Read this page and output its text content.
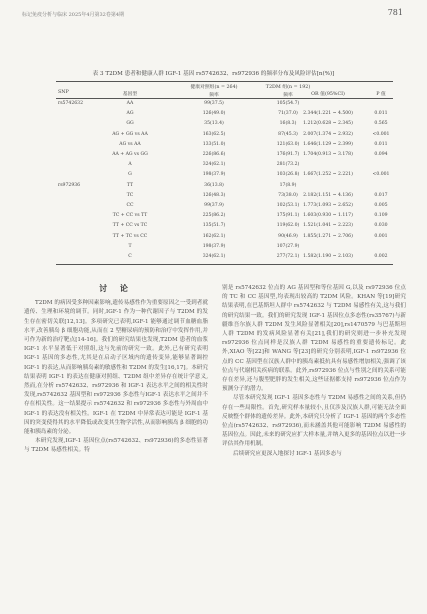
标记免疫分析与临床 2025年4月第32卷第4期	781
表 3 T2DM 患者和健康人群 IGF-1 基因 rs5742632、rs972936 的频率分布及风险评估[n(%)]
SNP	基因型
健康对照组(n = 264)	T2DM 组(n = 192)
频率	频率	OR 值(95%CI)	P 值
rs5742632	AA	99(37.5)	105(54.7)
AG	126(49.0)	71(37.0)	2.344(1.221 ~ 4.500)	0.011
GG	35(13.4)	16(8.3)	1.212(0.628 ~ 2.345)	0.565
AG + GG vs AA	163(62.5)	87(45.3)	2.007(1.374 ~ 2.932)	<0.001
AG vs AA	133(51.0)	121(63.0) 1.646(1.129 ~ 2.399)	0.011
AA + AG vs GG	226(86.6)	176(91.7) 1.704(0.913 ~ 3.178)	0.094
A	324(62.1)	281(73.2)
G	198(37.9)	103(26.8) 1.667(1.252 ~ 2.221)	<0.001
rs972936	TT	36(13.8)	17(8.9)
TC	126(48.3)	73(38.0)	2.182(1.151 ~ 4.136)	0.017
CC	99(37.9)	102(53.1) 1.773(1.093 ~ 2.652)	0.005
TC + CC vs TT	225(86.2)	175(91.1) 1.603(0.930 ~ 1.117)	0.109
TT + CC vs TC	135(51.7)	119(62.0) 1.521(1.041 ~ 2.223)	0.030
TT + TC vs CC	162(62.1)	90(46.9)	1.855(1.271 ~ 2.706)	0.001
T	198(37.9)	107(27.9)
C	324(62.1)	277(72.1) 1.582(1.190 ~ 2.103)	0.002
讨 论

T2DM 的病因受多种因素影响,遗传易感性作为重要原因之一受到者就遗传、生理和环境的调节。同时,IGF-1 作为一种代谢因子与 T2DM 的发生存在密切关联[12,13]。多项研究已表明,IGF-1 能够通过调节血糖血脂水平,改善胰岛 β 细胞功能,从而在 2 型糖尿病的预防和治疗中发挥作用,并可作为新的治疗靶点[14-16]。我们的研究结果也发现,T2DM 患者的血浆 IGF-1 水平显著低于对照组,这与先前的研究一致。此外,已有研究表明 IGF-1 基因的多态性,尤其是在启动子区域内的遗传变异,能够显著调控 IGF-1 的表达,从而影响胰岛素的敏感性和 T2DM 的发生[16,17]。本研究结果表明 IGF-1 的表达在健康对照组、T2DM 组中差异存在统计学意义,然而,在分析 rs5742632、rs972936 和 IGF-1 表达水平之间的相关性时发现,rs5742632 基因型和 rs972936 多态性与IGF-1 表达水平之间并不存在相关性。这一结果提示 rs5742632 和 rs972936 多态性与外周血中 IGF-1 的表达没有相关性。IGF-1 在 T2DM 中异常表达可能是 IGF-1 基因的突变使得其的水平降低或改变其生物学活性,从而影响胰岛 β 细胞的功能和胰岛素的分泌。

本研究发现,IGF-1 基因位点(rs5742632、rs972936)的多态性显著与 T2DM 易感性相关。特

别是 rs5742632 位点的 AG 基因型和等位基因 G,以及 rs972936 位点的 TC 和 CC 基因型,均表现出较高的 T2DM 风险。KHAN 等[19]研究结果表明,在巴基斯坦人群中 rs5742632 与 T2DM 易感性有关,这与我们的研究结果一致。我们的研究发现 IGF-1 基因位点多态性(rs35767)与新疆维吾尔族人群 T2DM 发生风险显著相关[20],rs1470579 与巴基斯坦人群 T2DM 的发病风险显著有关[21],我们的研究则进一步补充发现 rs972936 位点同样是汉族人群 T2DM 易感性的重要遗传标记。此外,XIAO 等[22]和 WANG 等[23]的研究分别表明,IGF-1 rs972936 位点的 CC 基因型在汉族人群中的胰岛素抵抗具有易感性增加相关,强调了该位点与代谢相关疾病的联系。此外,rs972936 位点与性别之间的关系可能存在差异,还与腹型肥胖的发生相关,这些证据都支持 rs972936 位点作为预测分子的潜力。

尽管本研究发现 IGF-1 基因多态性与 T2DM 易感性之间的关系,但仍存在一些局限性。首先,研究样本量较小,且仅涉及汉族人群,可能无法全面反映整个群体的遗传差异。此外,本研究只分析了 IGF-1 基因的两个多态性位点(rs5742632、rs972936),而未涵盖其他可能影响 T2DM 易感性的基因位点。因此,未来的研究应扩大样本量,并纳入更多的基因位点以进一步评估其作用机制。

后续研究应更深入地探讨 IGF-1 基因多态与
